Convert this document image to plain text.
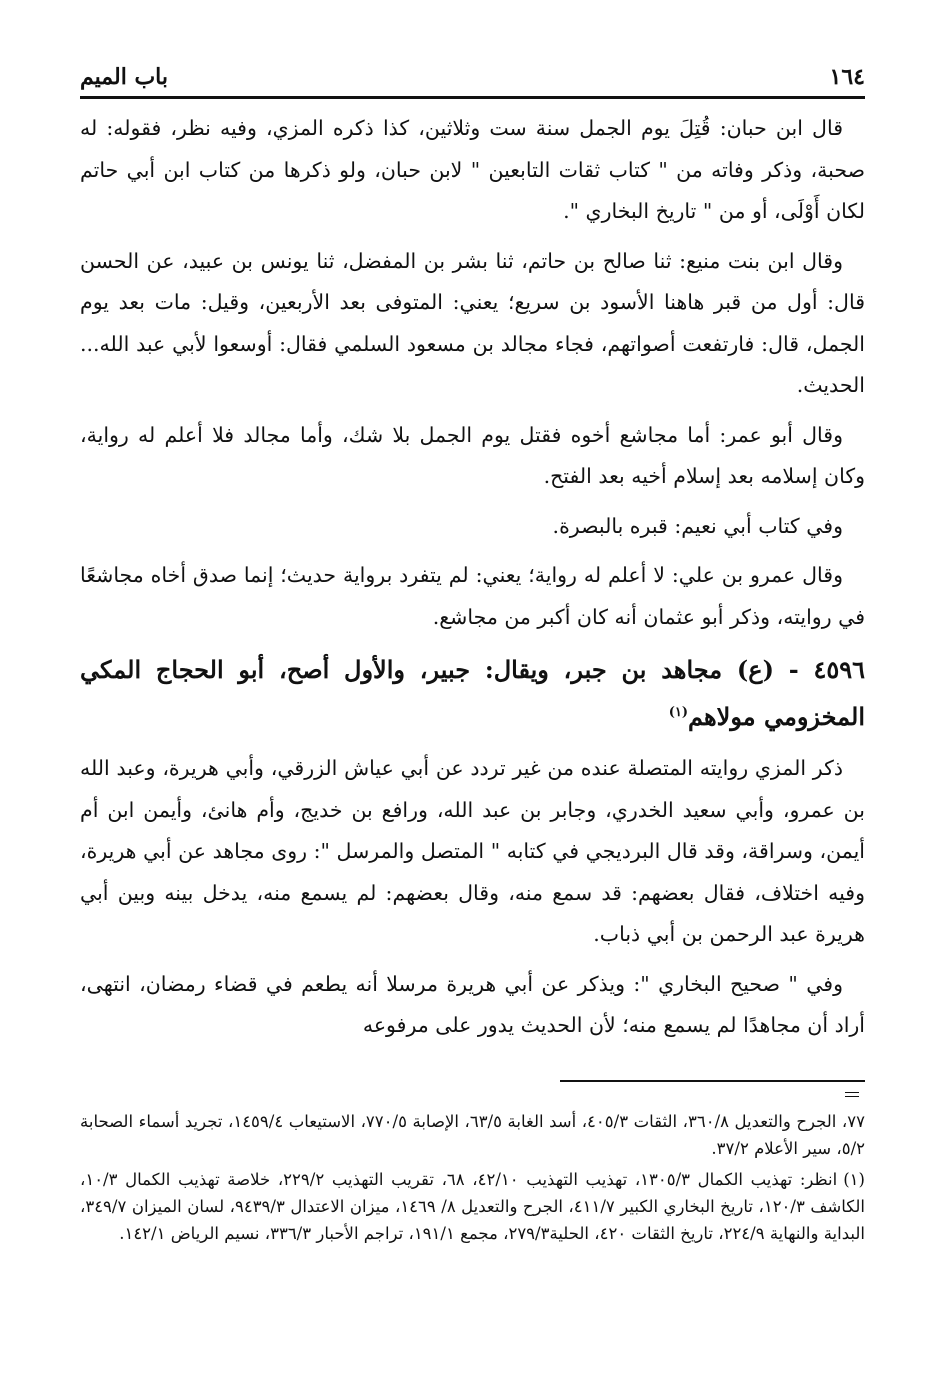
١٦٤
باب الميم

قال ابن حبان: قُتِلَ يوم الجمل سنة ست وثلاثين، كذا ذكره المزي، وفيه نظر، فقوله: له صحبة، وذكر وفاته من " كتاب ثقات التابعين " لابن حبان، ولو ذكرها من كتاب ابن أبي حاتم لكان أَوْلَى، أو من " تاريخ البخاري ".

وقال ابن بنت منيع: ثنا صالح بن حاتم، ثنا بشر بن المفضل، ثنا يونس بن عبيد، عن الحسن قال: أول من قبر هاهنا الأسود بن سريع؛ يعني: المتوفى بعد الأربعين، وقيل: مات بعد يوم الجمل، قال: فارتفعت أصواتهم، فجاء مجالد بن مسعود السلمي فقال: أوسعوا لأبي عبد الله... الحديث.

وقال أبو عمر: أما مجاشع أخوه فقتل يوم الجمل بلا شك، وأما مجالد فلا أعلم له رواية، وكان إسلامه بعد إسلام أخيه بعد الفتح.

وفي كتاب أبي نعيم: قبره بالبصرة.

وقال عمرو بن علي: لا أعلم له رواية؛ يعني: لم يتفرد برواية حديث؛ إنما صدق أخاه مجاشعًا في روايته، وذكر أبو عثمان أنه كان أكبر من مجاشع.

٤٥٩٦ - (ع) مجاهد بن جبر، ويقال: جبير، والأول أصح، أبو الحجاج المكي المخزومي مولاهم$^{(١)}$

ذكر المزي روايته المتصلة عنده من غير تردد عن أبي عياش الزرقي، وأبي هريرة، وعبد الله بن عمرو، وأبي سعيد الخدري، وجابر بن عبد الله، ورافع بن خديج، وأم هانئ، وأيمن ابن أم أيمن، وسراقة، وقد قال البرديجي في كتابه " المتصل والمرسل ": روى مجاهد عن أبي هريرة، وفيه اختلاف، فقال بعضهم: قد سمع منه، وقال بعضهم: لم يسمع منه، يدخل بينه وبين أبي هريرة عبد الرحمن بن أبي ذباب.

وفي " صحيح البخاري ": ويذكر عن أبي هريرة مرسلا أنه يطعم في قضاء رمضان، انتهى، أراد أن مجاهدًا لم يسمع منه؛ لأن الحديث يدور على مرفوعه

٧٧، الجرح والتعديل ٣٦٠/٨، الثقات ٤٠٥/٣، أسد الغابة ٦٣/٥، الإصابة ٧٧٠/٥، الاستيعاب ١٤٥٩/٤، تجريد أسماء الصحابة ٥/٢، سير الأعلام ٣٧/٢.

(١)انظر: تهذيب الكمال ١٣٠٥/٣، تهذيب التهذيب ٤٢/١٠، ٦٨، تقريب التهذيب ٢٢٩/٢، خلاصة تهذيب الكمال ١٠/٣، الكاشف ١٢٠/٣، تاريخ البخاري الكبير ٤١١/٧، الجرح والتعديل ٨/ ١٤٦٩، ميزان الاعتدال ٩٤٣٩/٣، لسان الميزان ٣٤٩/٧، البداية والنهاية ٢٢٤/٩، تاريخ الثقات ٤٢٠، الحلية٢٧٩/٣، مجمع ١٩١/١، تراجم الأحبار ٣٣٦/٣، نسيم الرياض ١٤٢/١.
